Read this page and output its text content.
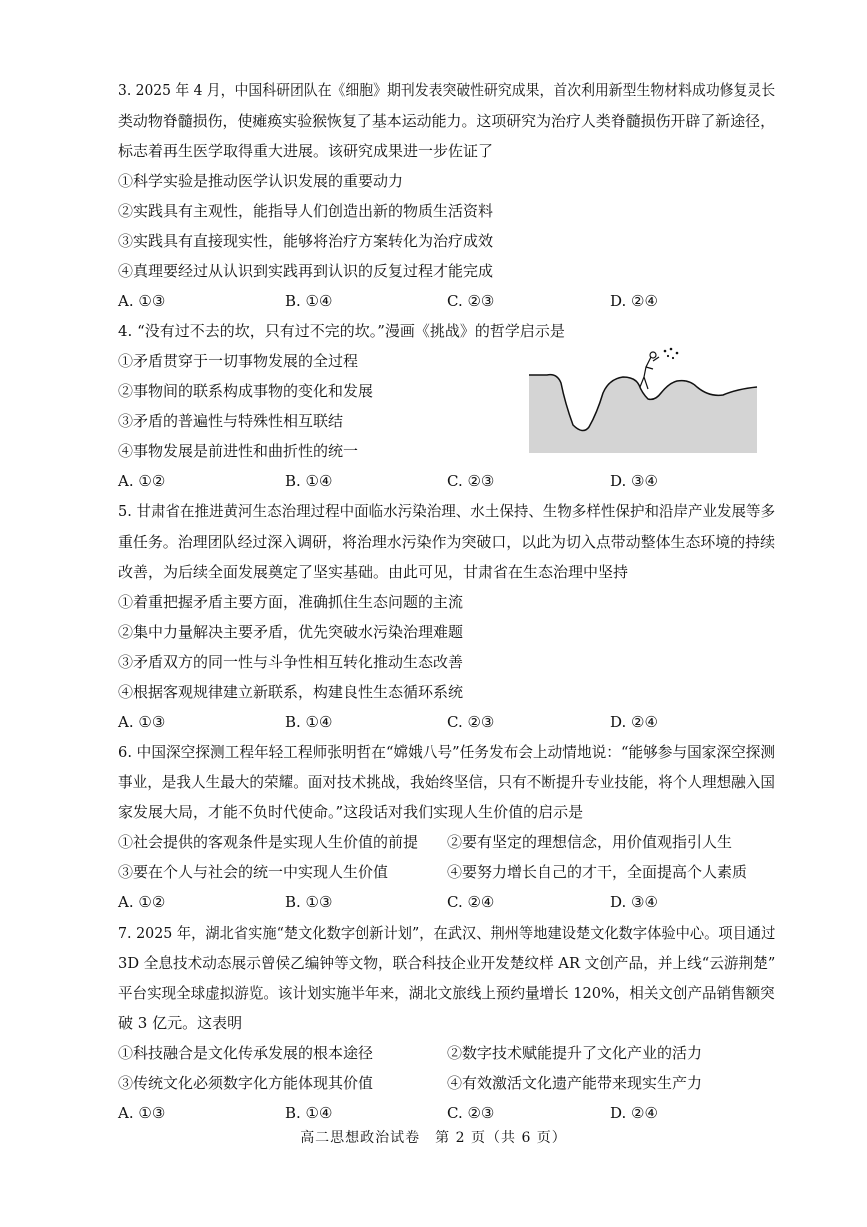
3. 2025 年 4 月，中国科研团队在《细胞》期刊发表突破性研究成果，首次利用新型生物材料成功修复灵长
类动物脊髓损伤，使瘫痪实验猴恢复了基本运动能力。这项研究为治疗人类脊髓损伤开辟了新途径，
标志着再生医学取得重大进展。该研究成果进一步佐证了
①科学实验是推动医学认识发展的重要动力
②实践具有主观性，能指导人们创造出新的物质生活资料
③实践具有直接现实性，能够将治疗方案转化为治疗成效
④真理要经过从认识到实践再到认识的反复过程才能完成
A. ①③	B. ①④	C. ②③	D. ②④
4. “没有过不去的坎，只有过不完的坎。”漫画《挑战》的哲学启示是
①矛盾贯穿于一切事物发展的全过程
②事物间的联系构成事物的变化和发展
③矛盾的普遍性与特殊性相互联结
④事物发展是前进性和曲折性的统一
A. ①②	B. ①④	C. ②③	D. ③④
5. 甘肃省在推进黄河生态治理过程中面临水污染治理、水土保持、生物多样性保护和沿岸产业发展等多
重任务。治理团队经过深入调研，将治理水污染作为突破口，以此为切入点带动整体生态环境的持续
改善，为后续全面发展奠定了坚实基础。由此可见，甘肃省在生态治理中坚持
①着重把握矛盾主要方面，准确抓住生态问题的主流
②集中力量解决主要矛盾，优先突破水污染治理难题
③矛盾双方的同一性与斗争性相互转化推动生态改善
④根据客观规律建立新联系，构建良性生态循环系统
A. ①③	B. ①④	C. ②③	D. ②④
6. 中国深空探测工程年轻工程师张明哲在“嫦娥八号”任务发布会上动情地说：“能够参与国家深空探测
事业，是我人生最大的荣耀。面对技术挑战，我始终坚信，只有不断提升专业技能，将个人理想融入国
家发展大局，才能不负时代使命。”这段话对我们实现人生价值的启示是
①社会提供的客观条件是实现人生价值的前提 ②要有坚定的理想信念，用价值观指引人生
③要在个人与社会的统一中实现人生价值	④要努力增长自己的才干，全面提高个人素质
A. ①②	B. ①③	C. ②④	D. ③④
7. 2025 年，湖北省实施“楚文化数字创新计划”，在武汉、荆州等地建设楚文化数字体验中心。项目通过
3D 全息技术动态展示曾侯乙编钟等文物，联合科技企业开发楚纹样 AR 文创产品，并上线“云游荆楚”
平台实现全球虚拟游览。该计划实施半年来，湖北文旅线上预约量增长 120%，相关文创产品销售额突
破 3 亿元。这表明
①科技融合是文化传承发展的根本途径	②数字技术赋能提升了文化产业的活力
③传统文化必须数字化方能体现其价值	④有效激活文化遗产能带来现实生产力
A. ①③	B. ①④	C. ②③	D. ②④
高二思想政治试卷　第 2 页（共 6 页）
